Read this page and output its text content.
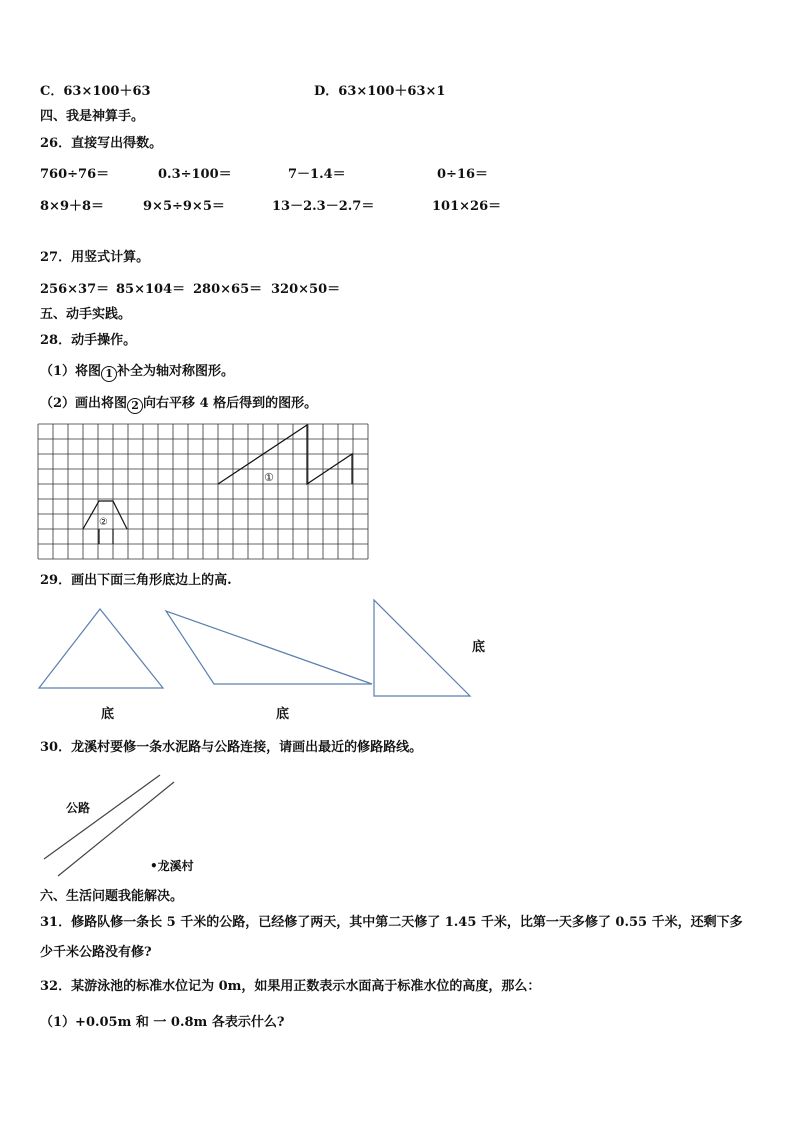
C．63×100＋63	D．63×100＋63×1
四、我是神算手。
26．直接写出得数。
760÷76＝	0.3÷100＝	7－1.4＝	0÷16＝
8×9＋8＝	9×5÷9×5＝	13－2.3－2.7＝	101×26＝
27．用竖式计算。
256×37＝ 85×104＝ 280×65＝ 320×50＝
五、动手实践。
28．动手操作。
（1）将图 1 补全为轴对称图形。
（2）画出将图 2 向右平移 4 格后得到的图形。
①
②
29．画出下面三角形底边上的高.
底	底
底
30．龙溪村要修一条水泥路与公路连接，请画出最近的修路路线。
公路
•龙溪村
六、生活问题我能解决。
31．修路队修一条长 5 千米的公路，已经修了两天，其中第二天修了 1.45 千米，比第一天多修了 0.55 千米，还剩下多
少千米公路没有修?
32．某游泳池的标准水位记为 0m，如果用正数表示水面高于标准水位的高度，那么：
（1）+0.05m 和 一 0.8m 各表示什么?
